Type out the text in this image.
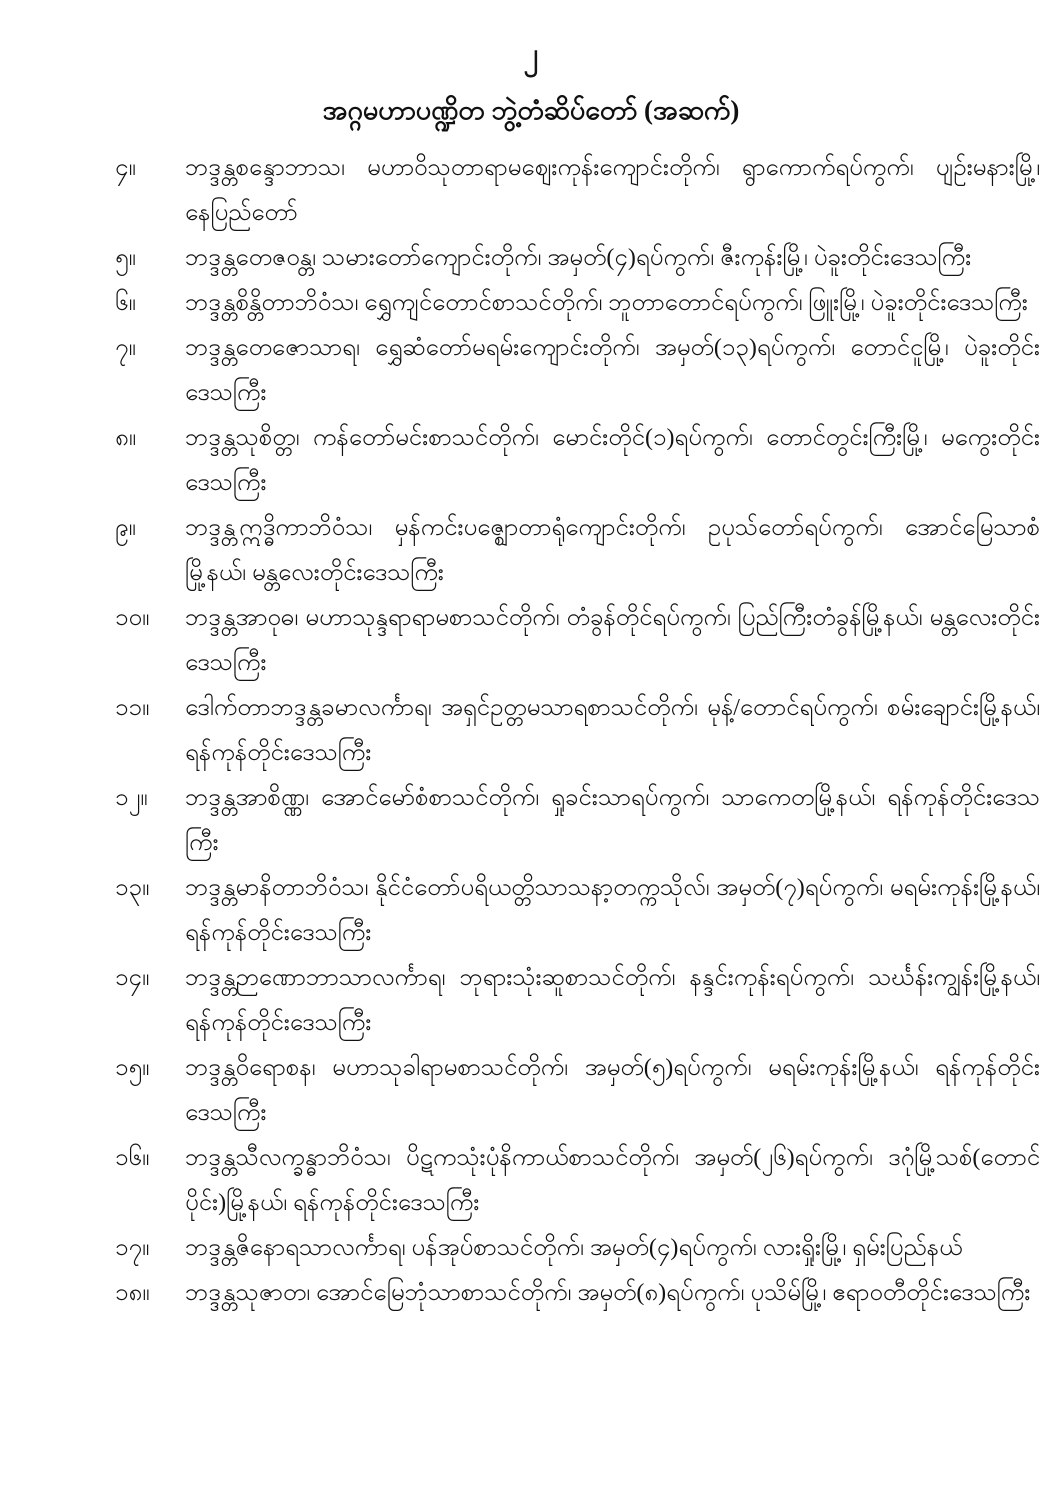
၂
အဂ္ဂမဟာပဏ္ဍိတ ဘွဲ့တံဆိပ်တော် (အဆက်)
၄။	ဘဒ္ဒန္တစန္ဒောဘာသ၊ မဟာဝိသုတာရာမဈေးကုန်းကျောင်းတိုက်၊ ရွာကောက်ရပ်ကွက်၊ ပျဉ်းမနားမြို့၊ နေပြည်တော်
၅။	ဘဒ္ဒန္တတေဇဝန္တ၊ သမားတော်ကျောင်းတိုက်၊ အမှတ်(၄)ရပ်ကွက်၊ ဇီးကုန်းမြို့၊ ပဲခူးတိုင်းဒေသကြီး
၆။	ဘဒ္ဒန္တစိန္တိတာဘိဝံသ၊ ရွှေကျင်တောင်စာသင်တိုက်၊ ဘူတာတောင်ရပ်ကွက်၊ ဖြူးမြို့၊ ပဲခူးတိုင်းဒေသကြီး
၇။	ဘဒ္ဒန္တတေဇောသာရ၊ ရွှေဆံတော်မရမ်းကျောင်းတိုက်၊ အမှတ်(၁၃)ရပ်ကွက်၊ တောင်ငူမြို့၊ ပဲခူးတိုင်းဒေသကြီး
၈။	ဘဒ္ဒန္တသုစိတ္တ၊ ကန်တော်မင်းစာသင်တိုက်၊ မောင်းတိုင်(၁)ရပ်ကွက်၊ တောင်တွင်းကြီးမြို့၊ မကွေးတိုင်းဒေသကြီး
၉။	ဘဒ္ဒန္တဣဒ္ဓိကာဘိဝံသ၊ မှန်ကင်းပဇ္ဈောတာရုံကျောင်းတိုက်၊ ဥပုသ်တော်ရပ်ကွက်၊ အောင်မြေသာစံမြို့နယ်၊ မန္တလေးတိုင်းဒေသကြီး
၁၀။	ဘဒ္ဒန္တအာဝုဓ၊ မဟာသုန္ဒရာရာမစာသင်တိုက်၊ တံခွန်တိုင်ရပ်ကွက်၊ ပြည်ကြီးတံခွန်မြို့နယ်၊ မန္တလေးတိုင်းဒေသကြီး
၁၁။	ဒေါက်တာဘဒ္ဒန္တခမာလင်္ကာရ၊ အရှင်ဥတ္တမသာရစာသင်တိုက်၊ မုန့်/တောင်ရပ်ကွက်၊ စမ်းချောင်းမြို့နယ်၊ ရန်ကုန်တိုင်းဒေသကြီး
၁၂။	ဘဒ္ဒန္တအာစိဏ္ဏ၊ အောင်မော်စံစာသင်တိုက်၊ ရှုခင်းသာရပ်ကွက်၊ သာကေတမြို့နယ်၊ ရန်ကုန်တိုင်းဒေသကြီး
၁၃။	ဘဒ္ဒန္တမာနိတာဘိဝံသ၊ နိုင်ငံတော်ပရိယတ္တိသာသနာ့တက္ကသိုလ်၊ အမှတ်(၇)ရပ်ကွက်၊ မရမ်းကုန်းမြို့နယ်၊ ရန်ကုန်တိုင်းဒေသကြီး
၁၄။	ဘဒ္ဒန္တဉာဏောဘာသာလင်္ကာရ၊ ဘုရားသုံးဆူစာသင်တိုက်၊ နန္ဒင်းကုန်းရပ်ကွက်၊ သင်္ဃန်းကျွန်းမြို့နယ်၊ ရန်ကုန်တိုင်းဒေသကြီး
၁၅။	ဘဒ္ဒန္တဝိရောစန၊ မဟာသုခါရာမစာသင်တိုက်၊ အမှတ်(၅)ရပ်ကွက်၊ မရမ်းကုန်းမြို့နယ်၊ ရန်ကုန်တိုင်းဒေသကြီး
၁၆။	ဘဒ္ဒန္တသီလက္ခန္ဓာဘိဝံသ၊ ပိဋကသုံးပုံနိကာယ်စာသင်တိုက်၊ အမှတ်(၂၆)ရပ်ကွက်၊ ဒဂုံမြို့သစ်(တောင်ပိုင်း)မြို့နယ်၊ ရန်ကုန်တိုင်းဒေသကြီး
၁၇။	ဘဒ္ဒန္တဇိနောရသာလင်္ကာရ၊ ပန်အုပ်စာသင်တိုက်၊ အမှတ်(၄)ရပ်ကွက်၊ လားရှိုးမြို့၊ ရှမ်းပြည်နယ်
၁၈။	ဘဒ္ဒန္တသုဇာတ၊ အောင်မြေဘုံသာစာသင်တိုက်၊ အမှတ်(၈)ရပ်ကွက်၊ ပုသိမ်မြို့၊ ဧရာဝတီတိုင်းဒေသကြီး
